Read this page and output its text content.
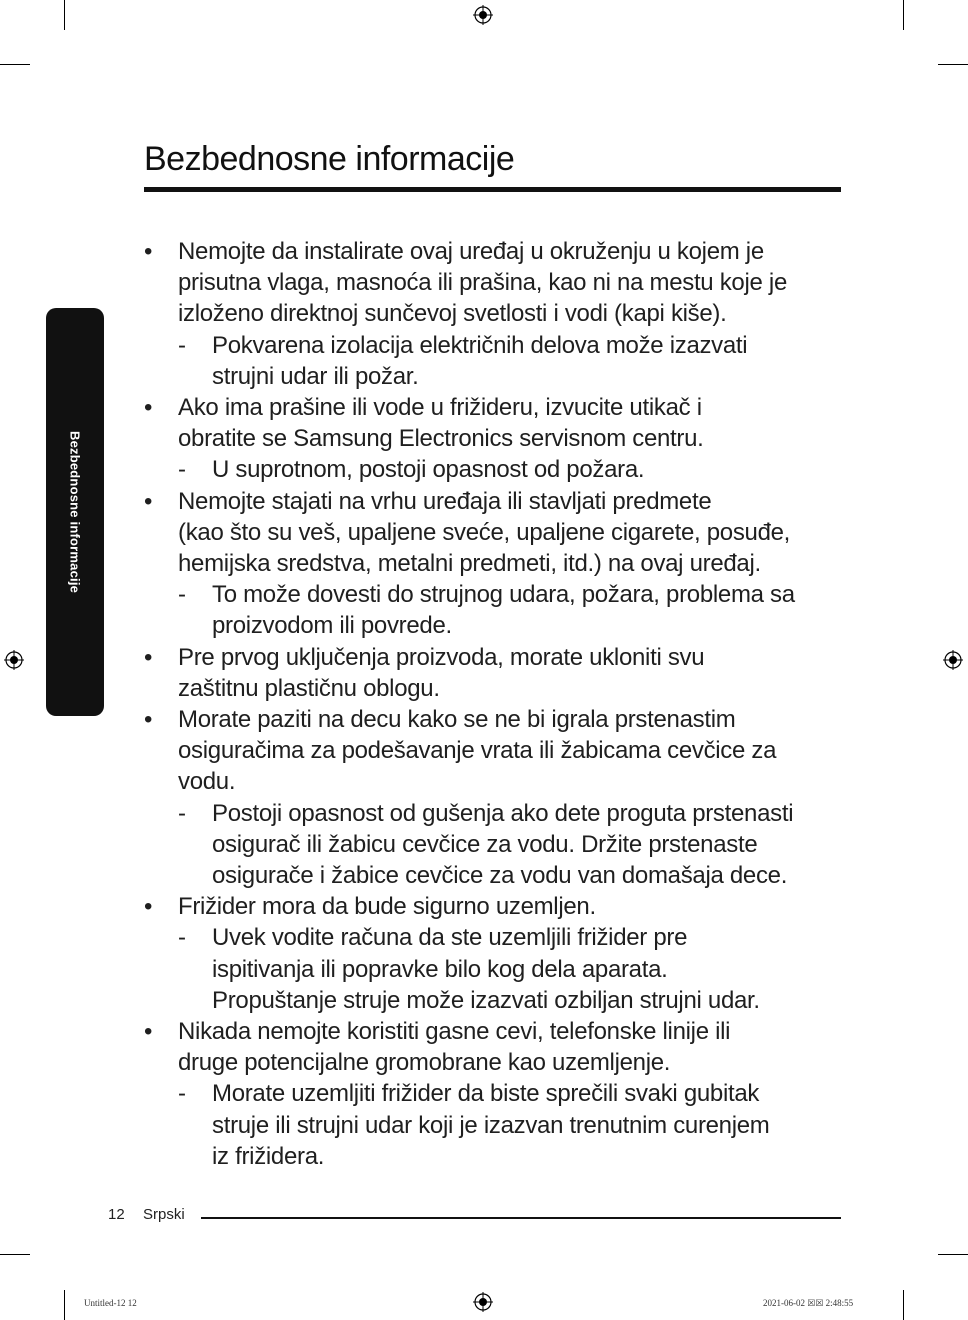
Bezbednosne informacije
Bezbednosne informacije
• Nemojte da instalirate ovaj uređaj u okruženju u kojem je
prisutna vlaga, masnoća ili prašina, kao ni na mestu koje je
izloženo direktnoj sunčevoj svetlosti i vodi (kapi kiše).
- Pokvarena izolacija električnih delova može izazvati
strujni udar ili požar.
• Ako ima prašine ili vode u frižideru, izvucite utikač i
obratite se Samsung Electronics servisnom centru.
- U suprotnom, postoji opasnost od požara.
• Nemojte stajati na vrhu uređaja ili stavljati predmete
(kao što su veš, upaljene sveće, upaljene cigarete, posuđe,
hemijska sredstva, metalni predmeti, itd.) na ovaj uređaj.
- To može dovesti do strujnog udara, požara, problema sa
proizvodom ili povrede.
• Pre prvog uključenja proizvoda, morate ukloniti svu
zaštitnu plastičnu oblogu.
• Morate paziti na decu kako se ne bi igrala prstenastim
osiguračima za podešavanje vrata ili žabicama cevčice za
vodu.
- Postoji opasnost od gušenja ako dete proguta prstenasti
osigurač ili žabicu cevčice za vodu. Držite prstenaste
osigurače i žabice cevčice za vodu van domašaja dece.
• Frižider mora da bude sigurno uzemljen.
- Uvek vodite računa da ste uzemljili frižider pre
ispitivanja ili popravke bilo kog dela aparata.
Propuštanje struje može izazvati ozbiljan strujni udar.
• Nikada nemojte koristiti gasne cevi, telefonske linije ili
druge potencijalne gromobrane kao uzemljenje.
- Morate uzemljiti frižider da biste sprečili svaki gubitak
struje ili strujni udar koji je izazvan trenutnim curenjem
iz frižidera.
12 Srpski
Untitled-12 12	2021-06-02 ☒☒ 2:48:55
